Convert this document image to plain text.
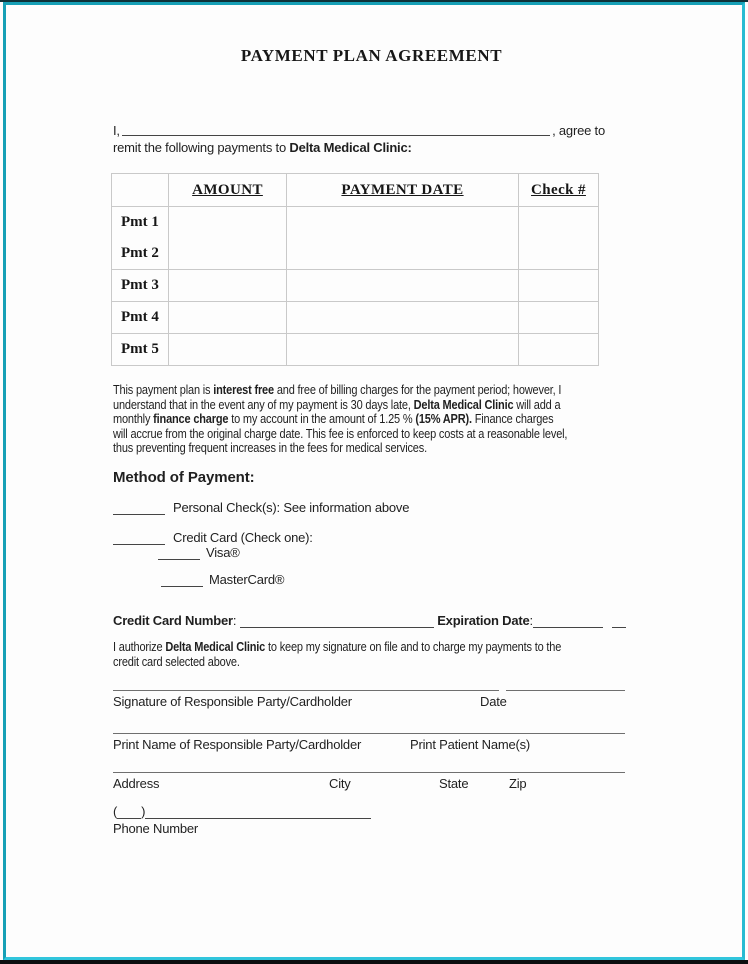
PAYMENT PLAN AGREEMENT
I,	, agree to
remit the following payments to Delta Medical Clinic:
	AMOUNT	PAYMENT DATE	Check #
Pmt 1			
Pmt 2			
Pmt 3			
Pmt 4			
Pmt 5			
This payment plan is interest free and free of billing charges for the payment period; however, I
understand that in the event any of my payment is 30 days late, Delta Medical Clinic will add a
monthly finance charge to my account in the amount of 1.25 % (15% APR). Finance charges
will accrue from the original charge date. This fee is enforced to keep costs at a reasonable level,
thus preventing frequent increases in the fees for medical services.
Method of Payment:
Personal Check(s): See information above
Credit Card (Check one):
Visa®
MasterCard®
Credit Card Number:	Expiration Date:
I authorize Delta Medical Clinic to keep my signature on file and to charge my payments to the
credit card selected above.
Signature of Responsible Party/Cardholder	Date
Print Name of Responsible Party/Cardholder	Print Patient Name(s)
Address	City	State	Zip
( )
Phone Number
